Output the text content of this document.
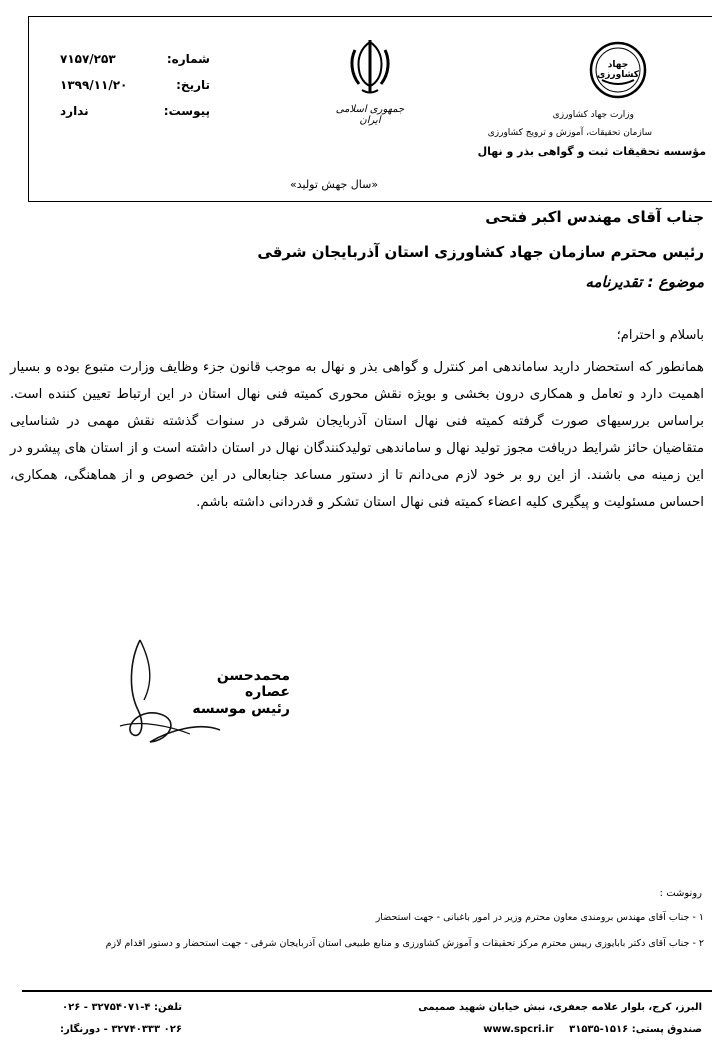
شماره:
۷۱۵۷/۲۵۳
تاریخ:
۱۳۹۹/۱۱/۲۰
پیوست:
ندارد	جمهوری اسلامی ایران
جهاد کشاورزی
وزارت جهاد کشاورزی
سازمان تحقیقات، آموزش و ترویج کشاورزی
مؤسسه تحقیقات ثبت و گواهی بذر و نهال
«سال جهش تولید»
جناب آقای مهندس اکبر فتحی
رئیس محترم سازمان جهاد کشاورزی استان آذربایجان شرقی
موضوع : تقدیرنامه
باسلام و احترام؛
همانطور که استحضار دارید ساماندهی امر کنترل و گواهی بذر و نهال به موجب قانون جزء وظایف وزارت متبوع بوده و بسیار اهمیت دارد و تعامل و همکاری درون بخشی و بویژه نقش محوری کمیته فنی نهال استان در این ارتباط تعیین کننده است. براساس بررسیهای صورت گرفته کمیته فنی نهال استان آذربایجان شرقی در سنوات گذشته نقش مهمی در شناسایی متقاضیان حائز شرایط دریافت مجوز تولید نهال و ساماندهی تولیدکنندگان نهال در استان داشته است و از استان های پیشرو در این زمینه می باشند. از این رو بر خود لازم می‌دانم تا از دستور مساعد جنابعالی در این خصوص و از هماهنگی، همکاری، احساس مسئولیت و پیگیری کلیه اعضاء کمیته فنی نهال استان تشکر و قدردانی داشته باشم.
محمدحسن عصاره
رئیس موسسه
رونوشت :
۱ - جناب آقای مهندس برومندی معاون محترم وزیر در امور باغبانی - جهت استحضار
۲ - جناب آقای دکتر بابایوزی رییس محترم مرکز تحقیقات و آموزش کشاورزی و منابع طبیعی استان آذربایجان شرقی - جهت استحضار و دستور اقدام لازم
البرز، کرج، بلوار علامه جعفری، نبش خیابان شهید صمیمی
صندوق پستی: ۱۵۱۶-۳۱۵۳۵ www.spcri.ir
تلفن: ۴-۳۲۷۵۴۰۷۱ - ۰۲۶
۰۲۶ ۳۲۷۴۰۳۳۳ - دورنگار:
